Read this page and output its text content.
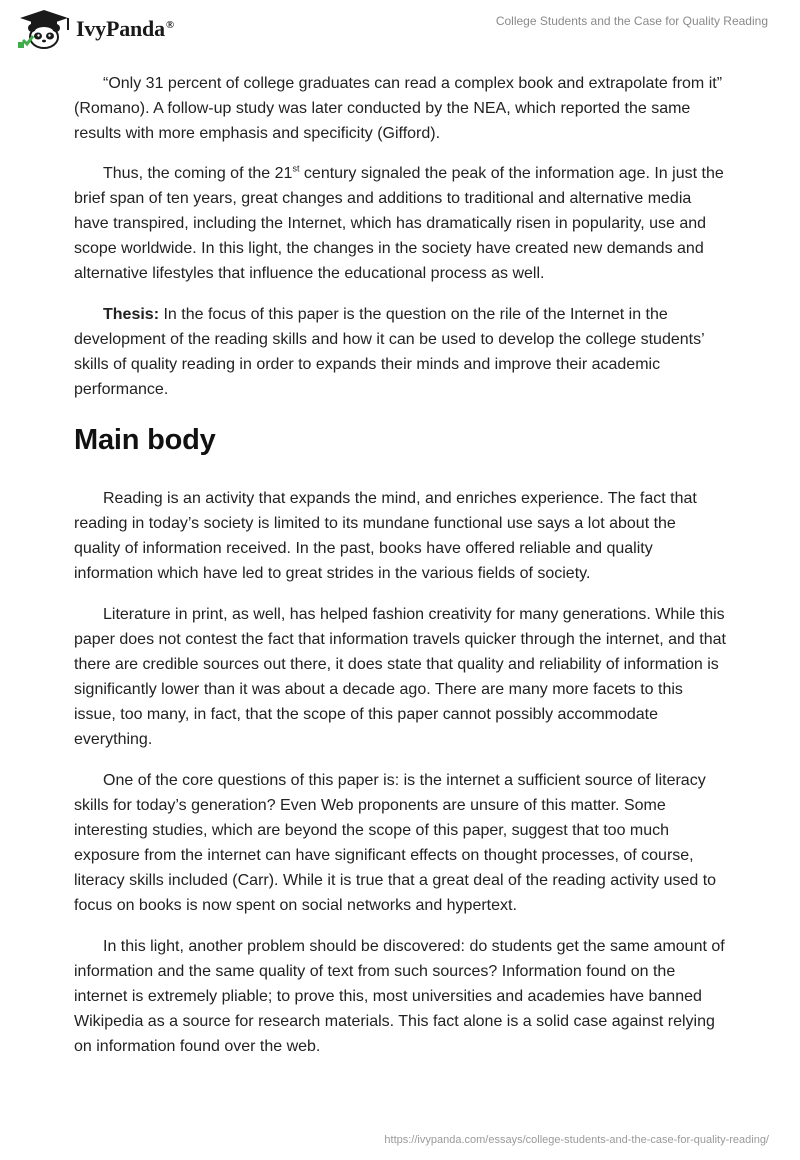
IvyPanda®	College Students and the Case for Quality Reading

“Only 31 percent of college graduates can read a complex book and extrapolate from it” (Romano). A follow-up study was later conducted by the NEA, which reported the same results with more emphasis and specificity (Gifford).

Thus, the coming of the 21st century signaled the peak of the information age. In just the brief span of ten years, great changes and additions to traditional and alternative media have transpired, including the Internet, which has dramatically risen in popularity, use and scope worldwide. In this light, the changes in the society have created new demands and alternative lifestyles that influence the educational process as well.

Thesis: In the focus of this paper is the question on the rile of the Internet in the development of the reading skills and how it can be used to develop the college students’ skills of quality reading in order to expands their minds and improve their academic performance.

Main body

Reading is an activity that expands the mind, and enriches experience. The fact that reading in today’s society is limited to its mundane functional use says a lot about the quality of information received. In the past, books have offered reliable and quality information which have led to great strides in the various fields of society.

Literature in print, as well, has helped fashion creativity for many generations. While this paper does not contest the fact that information travels quicker through the internet, and that there are credible sources out there, it does state that quality and reliability of information is significantly lower than it was about a decade ago. There are many more facets to this issue, too many, in fact, that the scope of this paper cannot possibly accommodate everything.

One of the core questions of this paper is: is the internet a sufficient source of literacy skills for today’s generation? Even Web proponents are unsure of this matter. Some interesting studies, which are beyond the scope of this paper, suggest that too much exposure from the internet can have significant effects on thought processes, of course, literacy skills included (Carr). While it is true that a great deal of the reading activity used to focus on books is now spent on social networks and hypertext.

In this light, another problem should be discovered: do students get the same amount of information and the same quality of text from such sources? Information found on the internet is extremely pliable; to prove this, most universities and academies have banned Wikipedia as a source for research materials. This fact alone is a solid case against relying on information found over the web.

https://ivypanda.com/essays/college-students-and-the-case-for-quality-reading/
